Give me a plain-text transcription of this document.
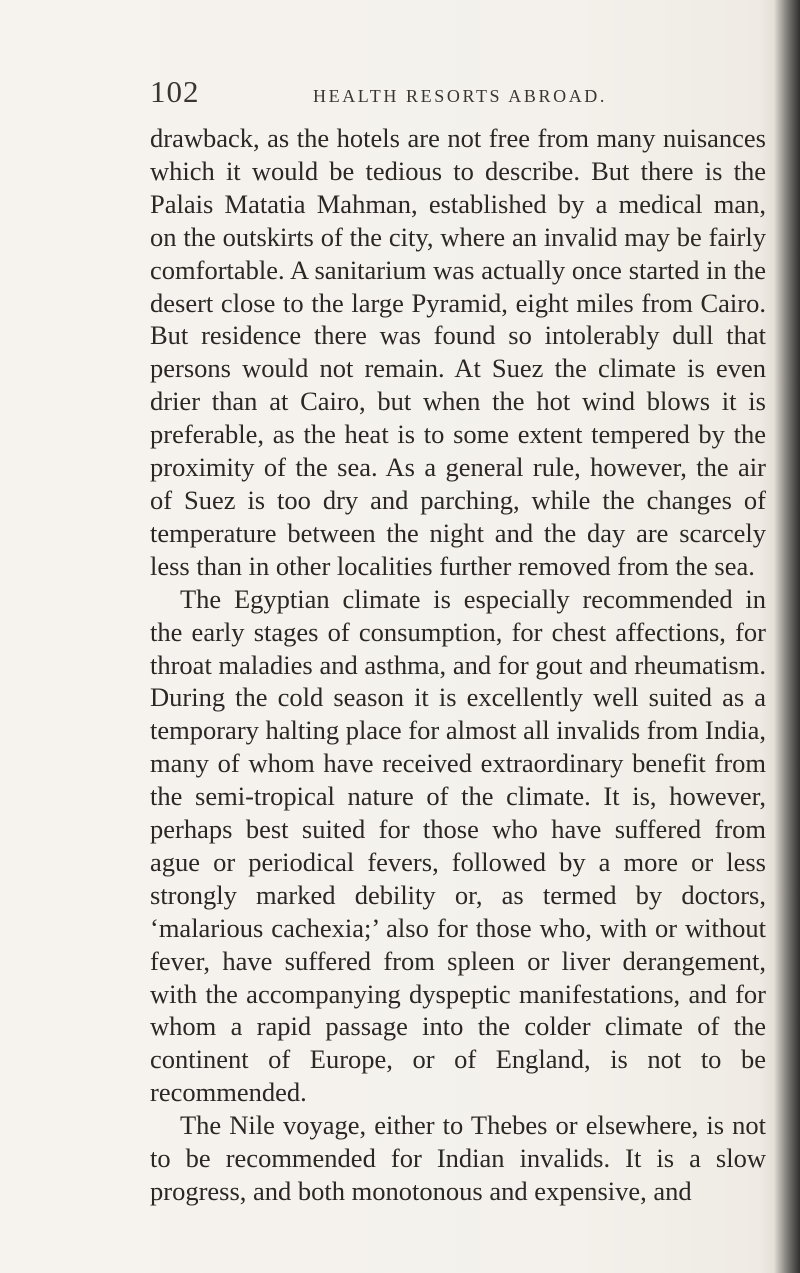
102	HEALTH RESORTS ABROAD.

drawback, as the hotels are not free from many nuisances which it would be tedious to describe. But there is the Palais Matatia Mahman, established by a medical man, on the outskirts of the city, where an invalid may be fairly comfortable. A sanitarium was actually once started in the desert close to the large Pyramid, eight miles from Cairo. But residence there was found so intolerably dull that persons would not remain. At Suez the climate is even drier than at Cairo, but when the hot wind blows it is preferable, as the heat is to some extent tempered by the proximity of the sea. As a general rule, however, the air of Suez is too dry and parching, while the changes of temperature between the night and the day are scarcely less than in other localities further removed from the sea.

The Egyptian climate is especially recommended in the early stages of consumption, for chest affections, for throat maladies and asthma, and for gout and rheumatism. During the cold season it is excellently well suited as a temporary halting place for almost all invalids from India, many of whom have received extraordinary benefit from the semi-tropical nature of the climate. It is, however, perhaps best suited for those who have suffered from ague or periodical fevers, followed by a more or less strongly marked debility or, as termed by doctors, ‘malarious cachexia;’ also for those who, with or without fever, have suffered from spleen or liver derangement, with the accompanying dyspeptic manifestations, and for whom a rapid passage into the colder climate of the continent of Europe, or of England, is not to be recommended.

The Nile voyage, either to Thebes or elsewhere, is not to be recommended for Indian invalids. It is a slow progress, and both monotonous and expensive, and
